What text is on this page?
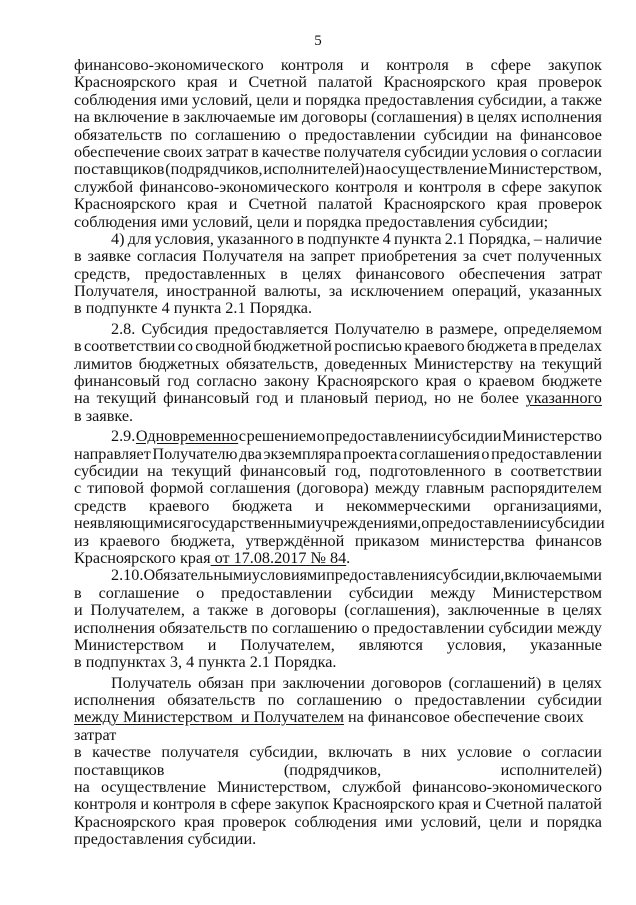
5
финансово-экономического контроля и контроля в сфере закупок
Красноярского края и Счетной палатой Красноярского края проверок
соблюдения ими условий, цели и порядка предоставления субсидии, а также
на включение в заключаемые им договоры (соглашения) в целях исполнения
обязательств по соглашению о предоставлении субсидии на финансовое
обеспечение своих затрат в качестве получателя субсидии условия о согласии
поставщиков (подрядчиков, исполнителей) на осуществление Министерством,
службой финансово-экономического контроля и контроля в сфере закупок
Красноярского края и Счетной палатой Красноярского края проверок
соблюдения ими условий, цели и порядка предоставления субсидии;
4) для условия, указанного в подпункте 4 пункта 2.1 Порядка, – наличие
в заявке согласия Получателя на запрет приобретения за счет полученных
средств, предоставленных в целях финансового обеспечения затрат
Получателя, иностранной валюты, за исключением операций, указанных
в подпункте 4 пункта 2.1 Порядка.
2.8. Субсидия предоставляется Получателю в размере, определяемом
в соответствии со сводной бюджетной росписью краевого бюджета в пределах
лимитов бюджетных обязательств, доведенных Министерству на текущий
финансовый год согласно закону Красноярского края о краевом бюджете
на текущий финансовый год и плановый период, но не более указанного
в заявке.
2.9. Одновременно с решением о предоставлении субсидии Министерство
направляет Получателю два экземпляра проекта соглашения о предоставлении
субсидии на текущий финансовый год, подготовленного в соответствии
с типовой формой соглашения (договора) между главным распорядителем
средств краевого бюджета и некоммерческими организациями,
не являющимися государственными учреждениями, о предоставлении субсидии
из краевого бюджета, утверждённой приказом министерства финансов
Красноярского края от 17.08.2017 № 84 .
2.10. Обязательными условиями предоставления субсидии, включаемыми
в соглашение о предоставлении субсидии между Министерством
и Получателем, а также в договоры (соглашения), заключенные в целях
исполнения обязательств по соглашению о предоставлении субсидии между
Министерством и Получателем, являются условия, указанные
в подпунктах 3, 4 пункта 2.1 Порядка.
Получатель обязан при заключении договоров (соглашений) в целях
исполнения обязательств по соглашению о предоставлении субсидии
между Министерством  и Получателем на финансовое обеспечение своих
затрат
в качестве получателя субсидии, включать в них условие о согласии
поставщиков	(подрядчиков,	исполнителей)
на осуществление Министерством, службой финансово-экономического
контроля и контроля в сфере закупок Красноярского края и Счетной палатой
Красноярского края проверок соблюдения ими условий, цели и порядка
предоставления субсидии.
